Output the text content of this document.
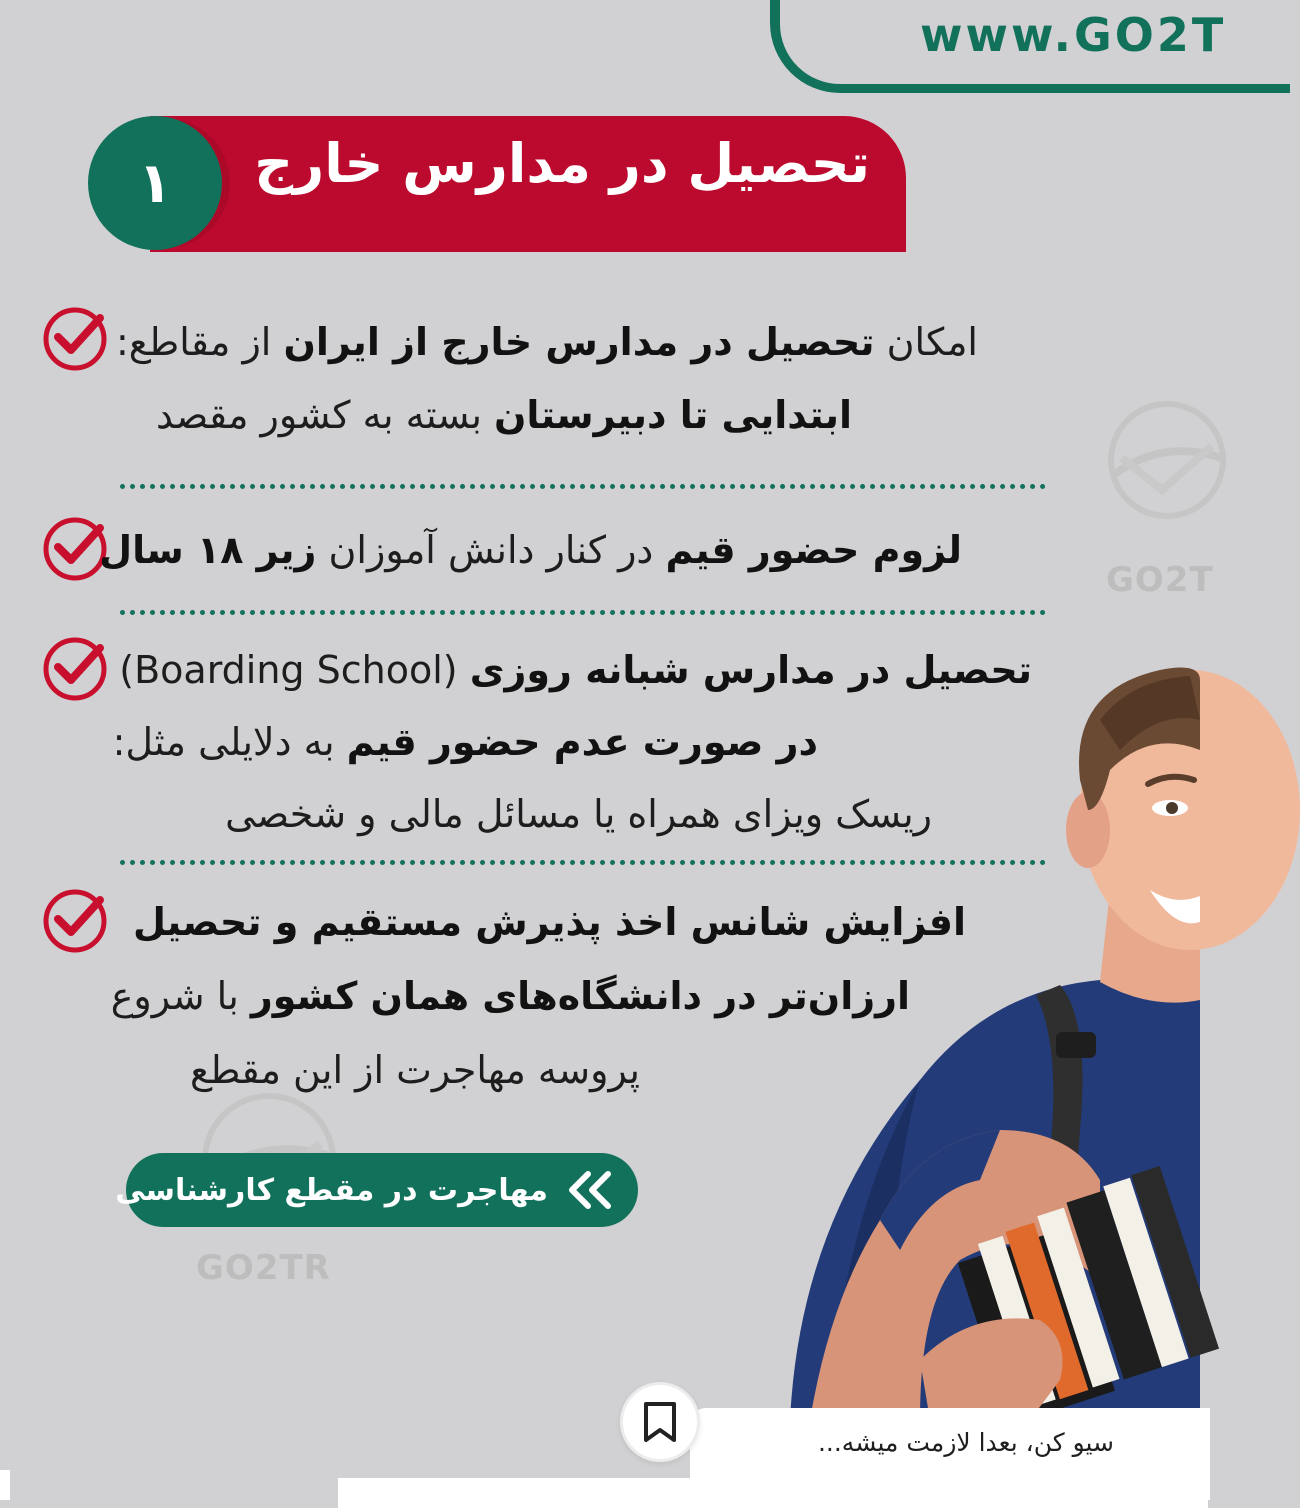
www.GO2T
تحصیل در مدارس خارج
۱
GO2T
امکان تحصیل در مدارس خارج از ایران از مقاطع:
ابتدایی تا دبیرستان بسته به کشور مقصد
لزوم حضور قیم در کنار دانش آموزان زیر ۱۸ سال
تحصیل در مدارس شبانه روزی (Boarding School)
در صورت عدم حضور قیم به دلایلی مثل:
ریسک ویزای همراه یا مسائل مالی و شخصی
افزایش شانس اخذ پذیرش مستقیم و تحصیل
ارزان‌تر در دانشگاه‌های همان کشور با شروع
پروسه مهاجرت از این مقطع
مهاجرت در مقطع کارشناسی
GO2TR
سیو کن، بعدا لازمت میشه...
